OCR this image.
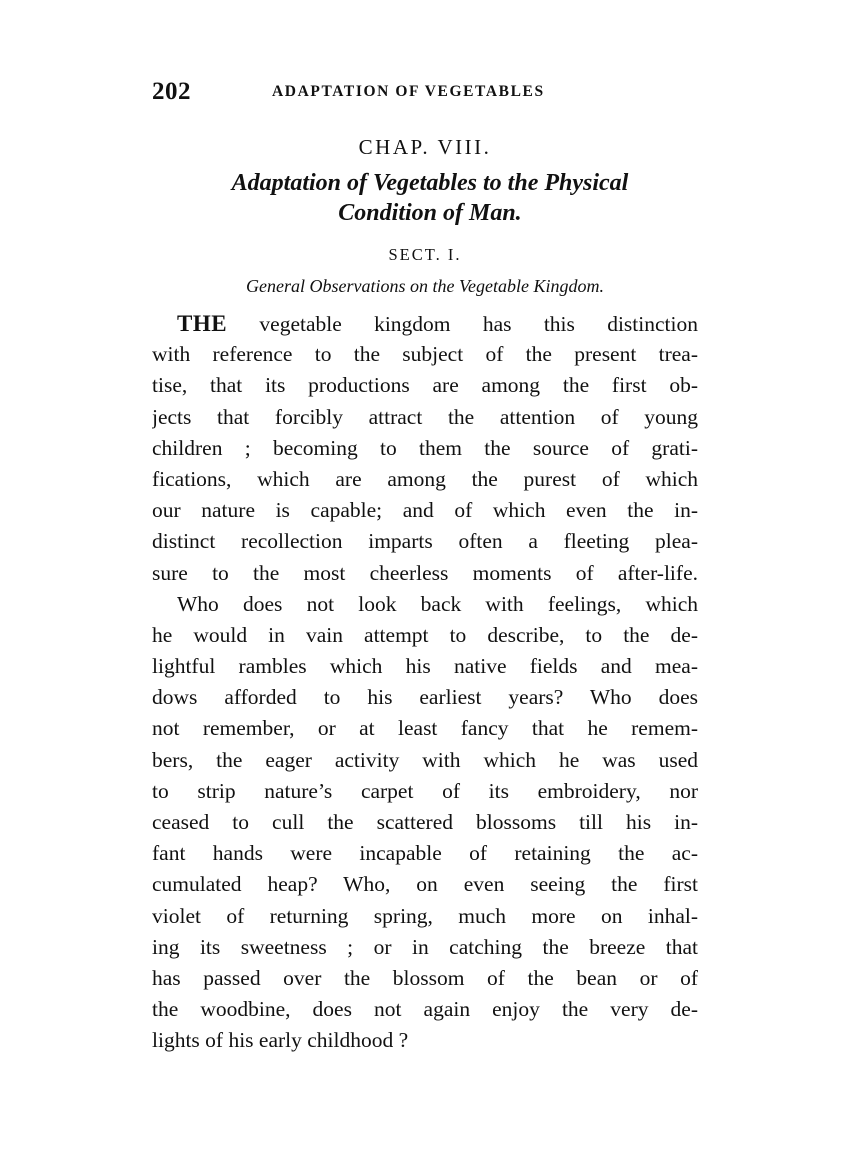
202	ADAPTATION OF VEGETABLES
CHAP. VIII.
Adaptation of Vegetables to the Physical
Condition of Man.
SECT. I.
General Observations on the Vegetable Kingdom.
THE vegetable kingdom has this distinction
with reference to the subject of the present trea-
tise, that its productions are among the first ob-
jects that forcibly attract the attention of young
children ; becoming to them the source of grati-
fications, which are among the purest of which
our nature is capable; and of which even the in-
distinct recollection imparts often a fleeting plea-
sure to the most cheerless moments of after-life.
Who does not look back with feelings, which
he would in vain attempt to describe, to the de-
lightful rambles which his native fields and mea-
dows afforded to his earliest years? Who does
not remember, or at least fancy that he remem-
bers, the eager activity with which he was used
to strip nature’s carpet of its embroidery, nor
ceased to cull the scattered blossoms till his in-
fant hands were incapable of retaining the ac-
cumulated heap? Who, on even seeing the first
violet of returning spring, much more on inhal-
ing its sweetness ; or in catching the breeze that
has passed over the blossom of the bean or of
the woodbine, does not again enjoy the very de-
lights of his early childhood ?
